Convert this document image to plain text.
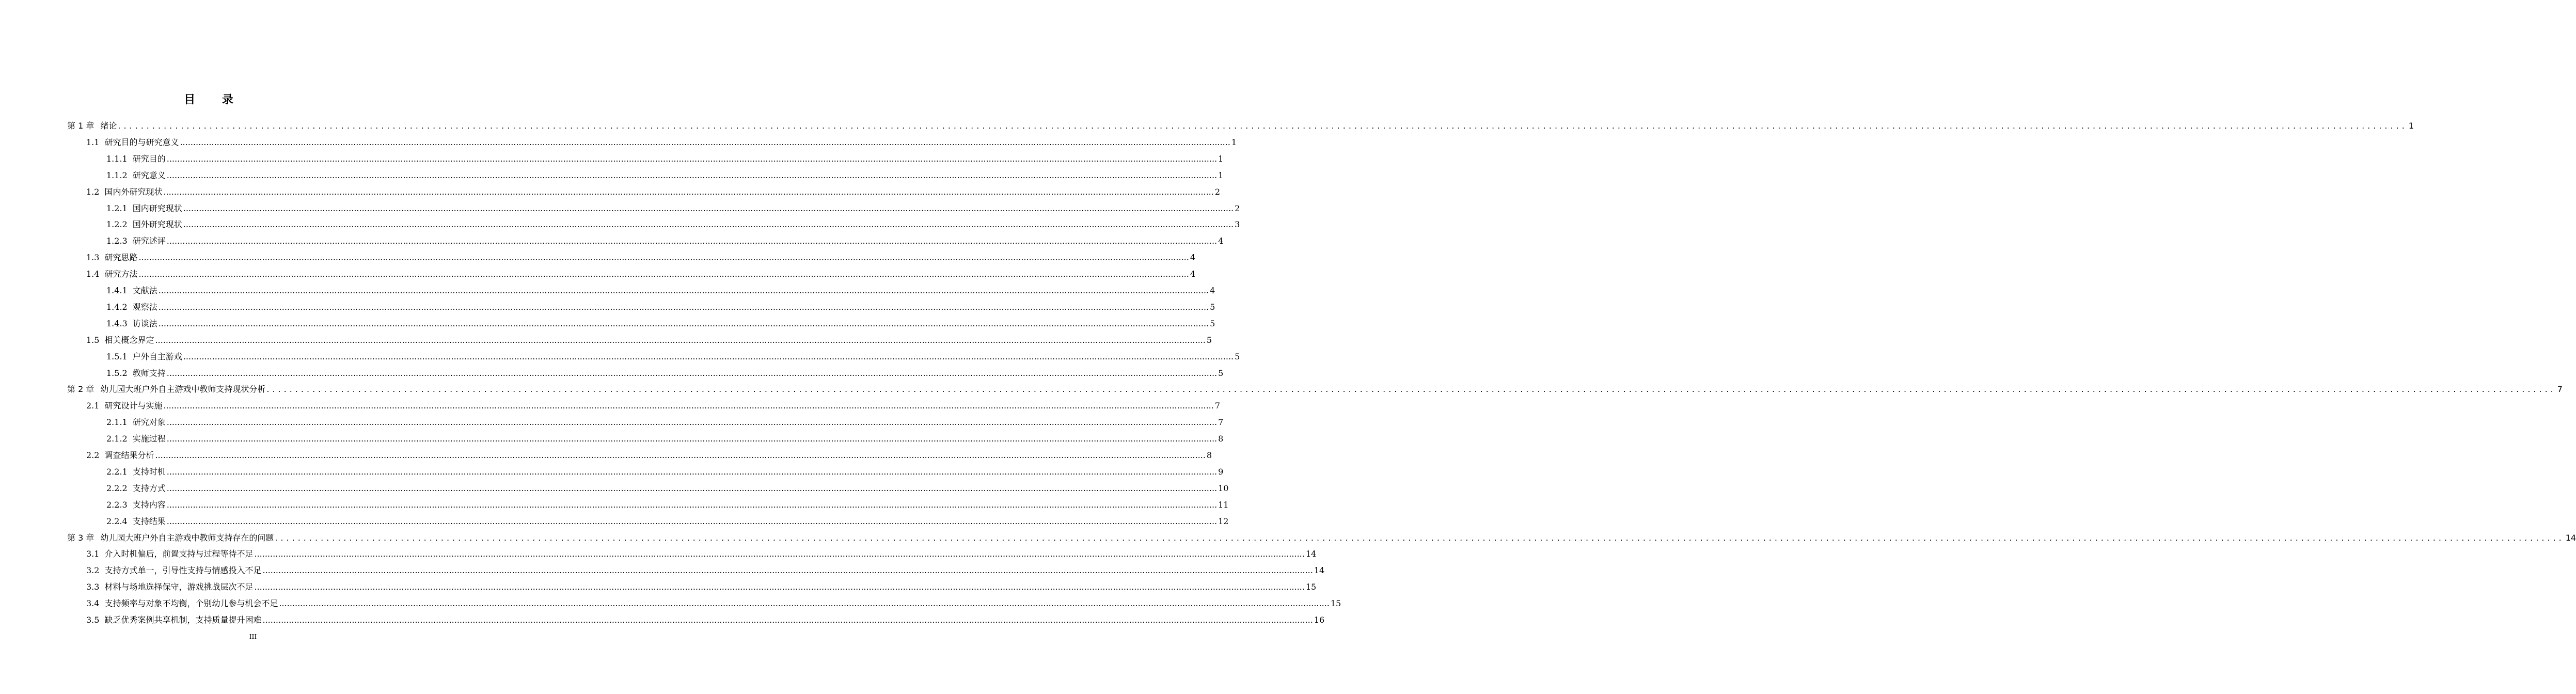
目 录
第 1 章 绪论 ................................................................................................................................................................................................................................................................................................................................................................................................................ 1
1.1 研究目的与研究意义 ................................................................................................................................................................................................................................................................................................................................................................................................................ 1
1.1.1 研究目的 ................................................................................................................................................................................................................................................................................................................................................................................................................ 1
1.1.2 研究意义 ................................................................................................................................................................................................................................................................................................................................................................................................................ 1
1.2 国内外研究现状 ................................................................................................................................................................................................................................................................................................................................................................................................................ 2
1.2.1 国内研究现状 ................................................................................................................................................................................................................................................................................................................................................................................................................ 2
1.2.2 国外研究现状 ................................................................................................................................................................................................................................................................................................................................................................................................................ 3
1.2.3 研究述评 ................................................................................................................................................................................................................................................................................................................................................................................................................ 4
1.3 研究思路 ................................................................................................................................................................................................................................................................................................................................................................................................................ 4
1.4 研究方法 ................................................................................................................................................................................................................................................................................................................................................................................................................ 4
1.4.1 文献法 ................................................................................................................................................................................................................................................................................................................................................................................................................ 4
1.4.2 观察法 ................................................................................................................................................................................................................................................................................................................................................................................................................ 5
1.4.3 访谈法 ................................................................................................................................................................................................................................................................................................................................................................................................................ 5
1.5 相关概念界定 ................................................................................................................................................................................................................................................................................................................................................................................................................ 5
1.5.1 户外自主游戏 ................................................................................................................................................................................................................................................................................................................................................................................................................ 5
1.5.2 教师支持 ................................................................................................................................................................................................................................................................................................................................................................................................................ 5
第 2 章 幼儿园大班户外自主游戏中教师支持现状分析 ................................................................................................................................................................................................................................................................................................................................................................................................................ 7
2.1 研究设计与实施 ................................................................................................................................................................................................................................................................................................................................................................................................................ 7
2.1.1 研究对象 ................................................................................................................................................................................................................................................................................................................................................................................................................ 7
2.1.2 实施过程 ................................................................................................................................................................................................................................................................................................................................................................................................................ 8
2.2 调查结果分析 ................................................................................................................................................................................................................................................................................................................................................................................................................ 8
2.2.1 支持时机 ................................................................................................................................................................................................................................................................................................................................................................................................................ 9
2.2.2 支持方式 ................................................................................................................................................................................................................................................................................................................................................................................................................ 10
2.2.3 支持内容 ................................................................................................................................................................................................................................................................................................................................................................................................................ 11
2.2.4 支持结果 ................................................................................................................................................................................................................................................................................................................................................................................................................ 12
第 3 章 幼儿园大班户外自主游戏中教师支持存在的问题 ................................................................................................................................................................................................................................................................................................................................................................................................................ 14
3.1 介入时机偏后，前置支持与过程等待不足 ................................................................................................................................................................................................................................................................................................................................................................................................................ 14
3.2 支持方式单一，引导性支持与情感投入不足 ................................................................................................................................................................................................................................................................................................................................................................................................................ 14
3.3 材料与场地选择保守，游戏挑战层次不足 ................................................................................................................................................................................................................................................................................................................................................................................................................ 15
3.4 支持频率与对象不均衡，个别幼儿参与机会不足 ................................................................................................................................................................................................................................................................................................................................................................................................................ 15
3.5 缺乏优秀案例共享机制，支持质量提升困难 ................................................................................................................................................................................................................................................................................................................................................................................................................ 16
III
